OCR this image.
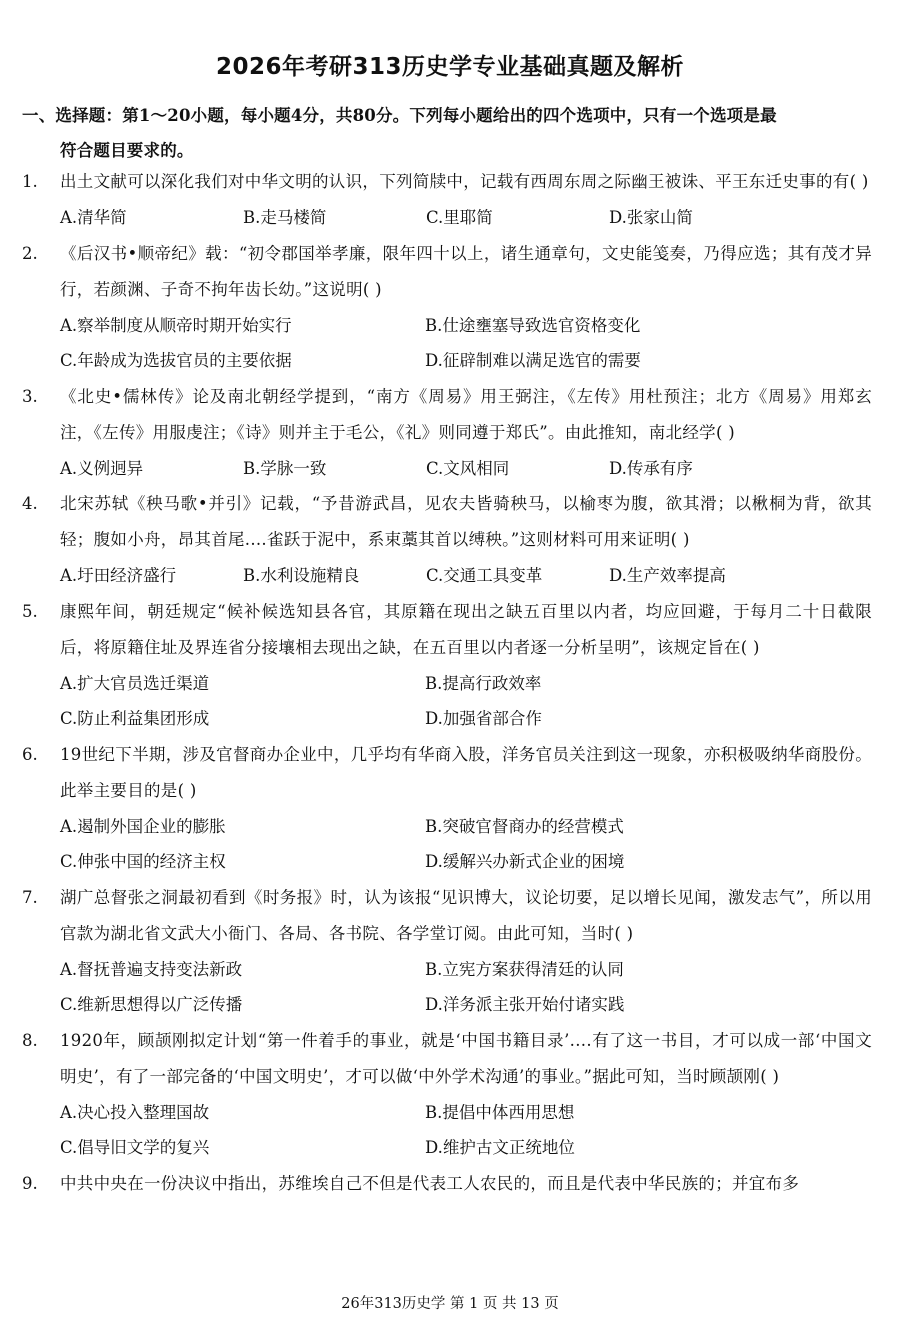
2026年考研313历史学专业基础真题及解析
一、选择题：第1～20小题，每小题4分，共80分。下列每小题给出的四个选项中，只有一个选项是最
符合题目要求的。
1. 出土文献可以深化我们对中华文明的认识，下列简牍中，记载有西周东周之际幽王被诛、平王东迁史事的有( )
A.清华简	B.走马楼简	C.里耶简	D.张家山简
2. 《后汉书•顺帝纪》载：“初令郡国举孝廉，限年四十以上，诸生通章句，文史能笺奏，乃得应选；其有茂才异行，若颜渊、子奇不拘年齿长幼。”这说明( )
A.察举制度从顺帝时期开始实行	B.仕途壅塞导致选官资格变化
C.年龄成为选拔官员的主要依据	D.征辟制难以满足选官的需要
3. 《北史•儒林传》论及南北朝经学提到，“南方《周易》用王弼注，《左传》用杜预注；北方《周易》用郑玄注，《左传》用服虔注；《诗》则并主于毛公，《礼》则同遵于郑氏”。由此推知，南北经学( )
A.义例迥异	B.学脉一致	C.文风相同	D.传承有序
4. 北宋苏轼《秧马歌•并引》记载，“予昔游武昌，见农夫皆骑秧马，以榆枣为腹，欲其滑；以楸桐为背，欲其轻；腹如小舟，昂其首尾....雀跃于泥中，系束藁其首以缚秧。”这则材料可用来证明( )
A.圩田经济盛行	B.水利设施精良	C.交通工具变革	D.生产效率提高
5. 康熙年间，朝廷规定“候补候选知县各官，其原籍在现出之缺五百里以内者，均应回避，于每月二十日截限后，将原籍住址及界连省分接壤相去现出之缺，在五百里以内者逐一分析呈明”，该规定旨在( )
A.扩大官员选迁渠道	B.提高行政效率
C.防止利益集团形成	D.加强省部合作
6. 19世纪下半期，涉及官督商办企业中，几乎均有华商入股，洋务官员关注到这一现象，亦积极吸纳华商股份。此举主要目的是( )
A.遏制外国企业的膨胀	B.突破官督商办的经营模式
C.伸张中国的经济主权	D.缓解兴办新式企业的困境
7. 湖广总督张之洞最初看到《时务报》时，认为该报“见识博大，议论切要，足以增长见闻，激发志气”，所以用官款为湖北省文武大小衙门、各局、各书院、各学堂订阅。由此可知，当时( )
A.督抚普遍支持变法新政	B.立宪方案获得清廷的认同
C.维新思想得以广泛传播	D.洋务派主张开始付诸实践
8. 1920年，顾颉刚拟定计划“第一件着手的事业，就是‘中国书籍目录’....有了这一书目，才可以成一部‘中国文明史’，有了一部完备的‘中国文明史’，才可以做‘中外学术沟通’的事业。”据此可知，当时顾颉刚( )
A.决心投入整理国故	B.提倡中体西用思想
C.倡导旧文学的复兴	D.维护古文正统地位
9. 中共中央在一份决议中指出，苏维埃自己不但是代表工人农民的，而且是代表中华民族的；并宜布多
26年313历史学 第 1 页 共 13 页
